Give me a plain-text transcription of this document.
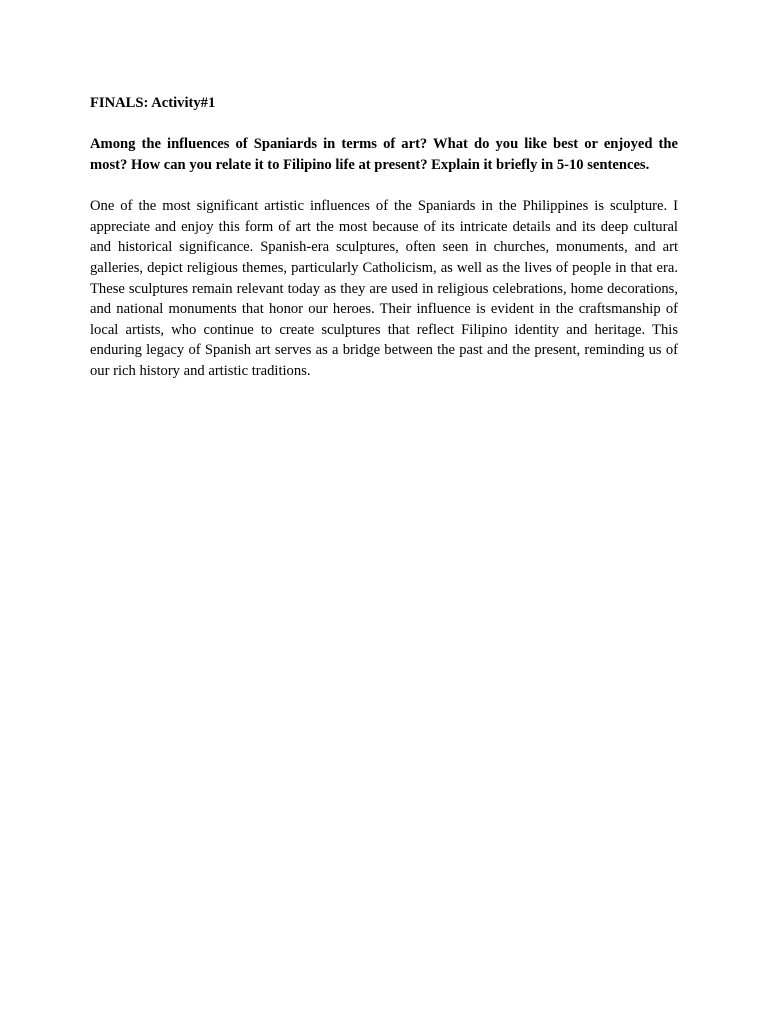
FINALS: Activity#1

Among the influences of Spaniards in terms of art? What do you like best or enjoyed the most? How can you relate it to Filipino life at present? Explain it briefly in 5-10 sentences.

One of the most significant artistic influences of the Spaniards in the Philippines is sculpture. I appreciate and enjoy this form of art the most because of its intricate details and its deep cultural and historical significance. Spanish-era sculptures, often seen in churches, monuments, and art galleries, depict religious themes, particularly Catholicism, as well as the lives of people in that era. These sculptures remain relevant today as they are used in religious celebrations, home decorations, and national monuments that honor our heroes. Their influence is evident in the craftsmanship of local artists, who continue to create sculptures that reflect Filipino identity and heritage. This enduring legacy of Spanish art serves as a bridge between the past and the present, reminding us of our rich history and artistic traditions.
